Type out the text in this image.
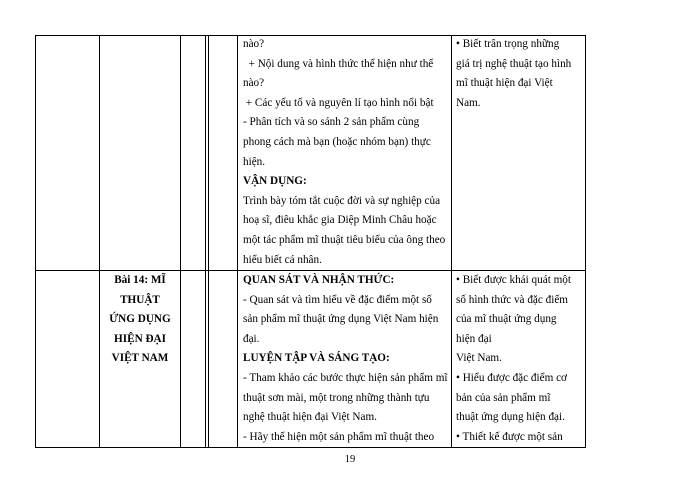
nào?
+ Nội dung và hình thức thể hiện như thế
nào?
+ Các yếu tố và nguyên lí tạo hình nổi bật
- Phân tích và so sánh 2 sản phẩm cùng
phong cách mà bạn (hoặc nhóm bạn) thực
hiện.
VẬN DỤNG:
Trình bày tóm tắt cuộc đời và sự nghiệp của
hoạ sĩ, điêu khắc gia Diệp Minh Châu hoặc
một tác phẩm mĩ thuật tiêu biểu của ông theo
hiểu biết cá nhân.
• Biết trân trọng những
giá trị nghệ thuật tạo hình
mĩ thuật hiện đại Việt
Nam.
Bài 14: MĨ
THUẬT
ỨNG DỤNG
HIỆN ĐẠI
VIỆT NAM
QUAN SÁT VÀ NHẬN THỨC:
- Quan sát và tìm hiểu về đặc điểm một số
sản phẩm mĩ thuật ứng dụng Việt Nam hiện
đại.
LUYỆN TẬP VÀ SÁNG TẠO:
- Tham khảo các bước thực hiện sản phẩm mĩ
thuật sơn mài, một trong những thành tựu
nghệ thuật hiện đại Việt Nam.
- Hãy thể hiện một sản phẩm mĩ thuật theo
• Biết được khái quát một
số hình thức và đặc điểm
của mĩ thuật ứng dụng
hiện đại
Việt Nam.
• Hiểu được đặc điểm cơ
bản của sản phẩm mĩ
thuật ứng dụng hiện đại.
• Thiết kế được một sản
19
